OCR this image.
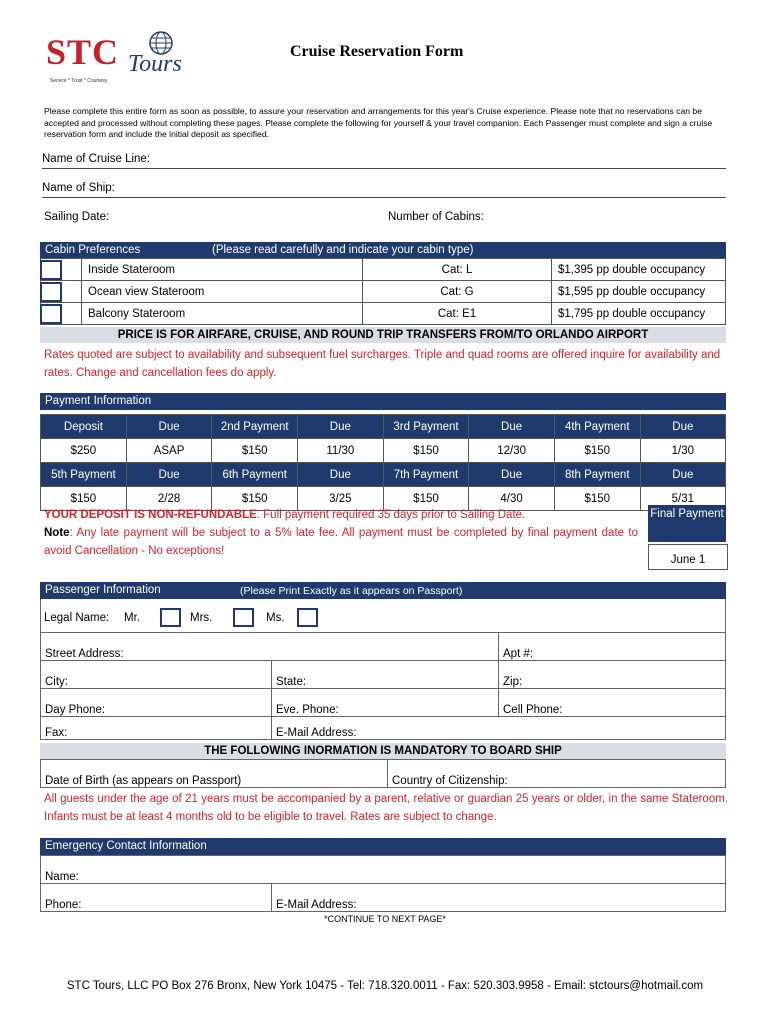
STC Tours
Service * Trust * Courtesy
Cruise Reservation Form
Please complete this entire form as soon as possible, to assure your reservation and arrangements for this year's Cruise experience. Please note that no reservations can be accepted and processed without completing these pages. Please complete the following for yourself & your travel companion. Each Passenger must complete and sign a cruise reservation form and include the initial deposit as specified.
Name of Cruise Line:
Name of Ship:
Sailing Date:	Number of Cabins:
Cabin Preferences	(Please read carefully and indicate your cabin type)
	Inside Stateroom	Cat: L	$1,395 pp double occupancy
	Ocean view Stateroom	Cat: G	$1,595 pp double occupancy
	Balcony Stateroom	Cat: E1	$1,795 pp double occupancy
PRICE IS FOR AIRFARE, CRUISE, AND ROUND TRIP TRANSFERS FROM/TO ORLANDO AIRPORT
Rates quoted are subject to availability and subsequent fuel surcharges. Triple and quad rooms are offered inquire for availability and rates. Change and cancellation fees do apply.
Payment Information
Deposit	Due	2nd Payment	Due	3rd Payment	Due	4th Payment	Due
$250	ASAP	$150	11/30	$150	12/30	$150	1/30
5th Payment	Due	6th Payment	Due	7th Payment	Due	8th Payment	Due
$150	2/28	$150	3/25	$150	4/30	$150	5/31
YOUR DEPOSIT IS NON-REFUNDABLE. Full payment required 35 days prior to Sailing Date.
Note: Any late payment will be subject to a 5% late fee. All payment must be completed by final payment date to avoid Cancellation - No exceptions!
Final Payment
June 1
Passenger Information	(Please Print Exactly as it appears on Passport)
Legal Name: Mr.	Mrs.	Ms.
Street Address:		Apt #:
City:	State:	Zip:
Day Phone:	Eve. Phone:	Cell Phone:
Fax:	E-Mail Address:	
THE FOLLOWING INORMATION IS MANDATORY TO BOARD SHIP
Date of Birth (as appears on Passport)	Country of Citizenship:
All guests under the age of 21 years must be accompanied by a parent, relative or guardian 25 years or older, in the same Stateroom. Infants must be at least 4 months old to be eligible to travel. Rates are subject to change.
Emergency Contact Information
Name:
Phone:	E-Mail Address:
*CONTINUE TO NEXT PAGE*
STC Tours, LLC PO Box 276 Bronx, New York 10475 - Tel: 718.320.0011 - Fax: 520.303.9958 - Email: stctours@hotmail.com
